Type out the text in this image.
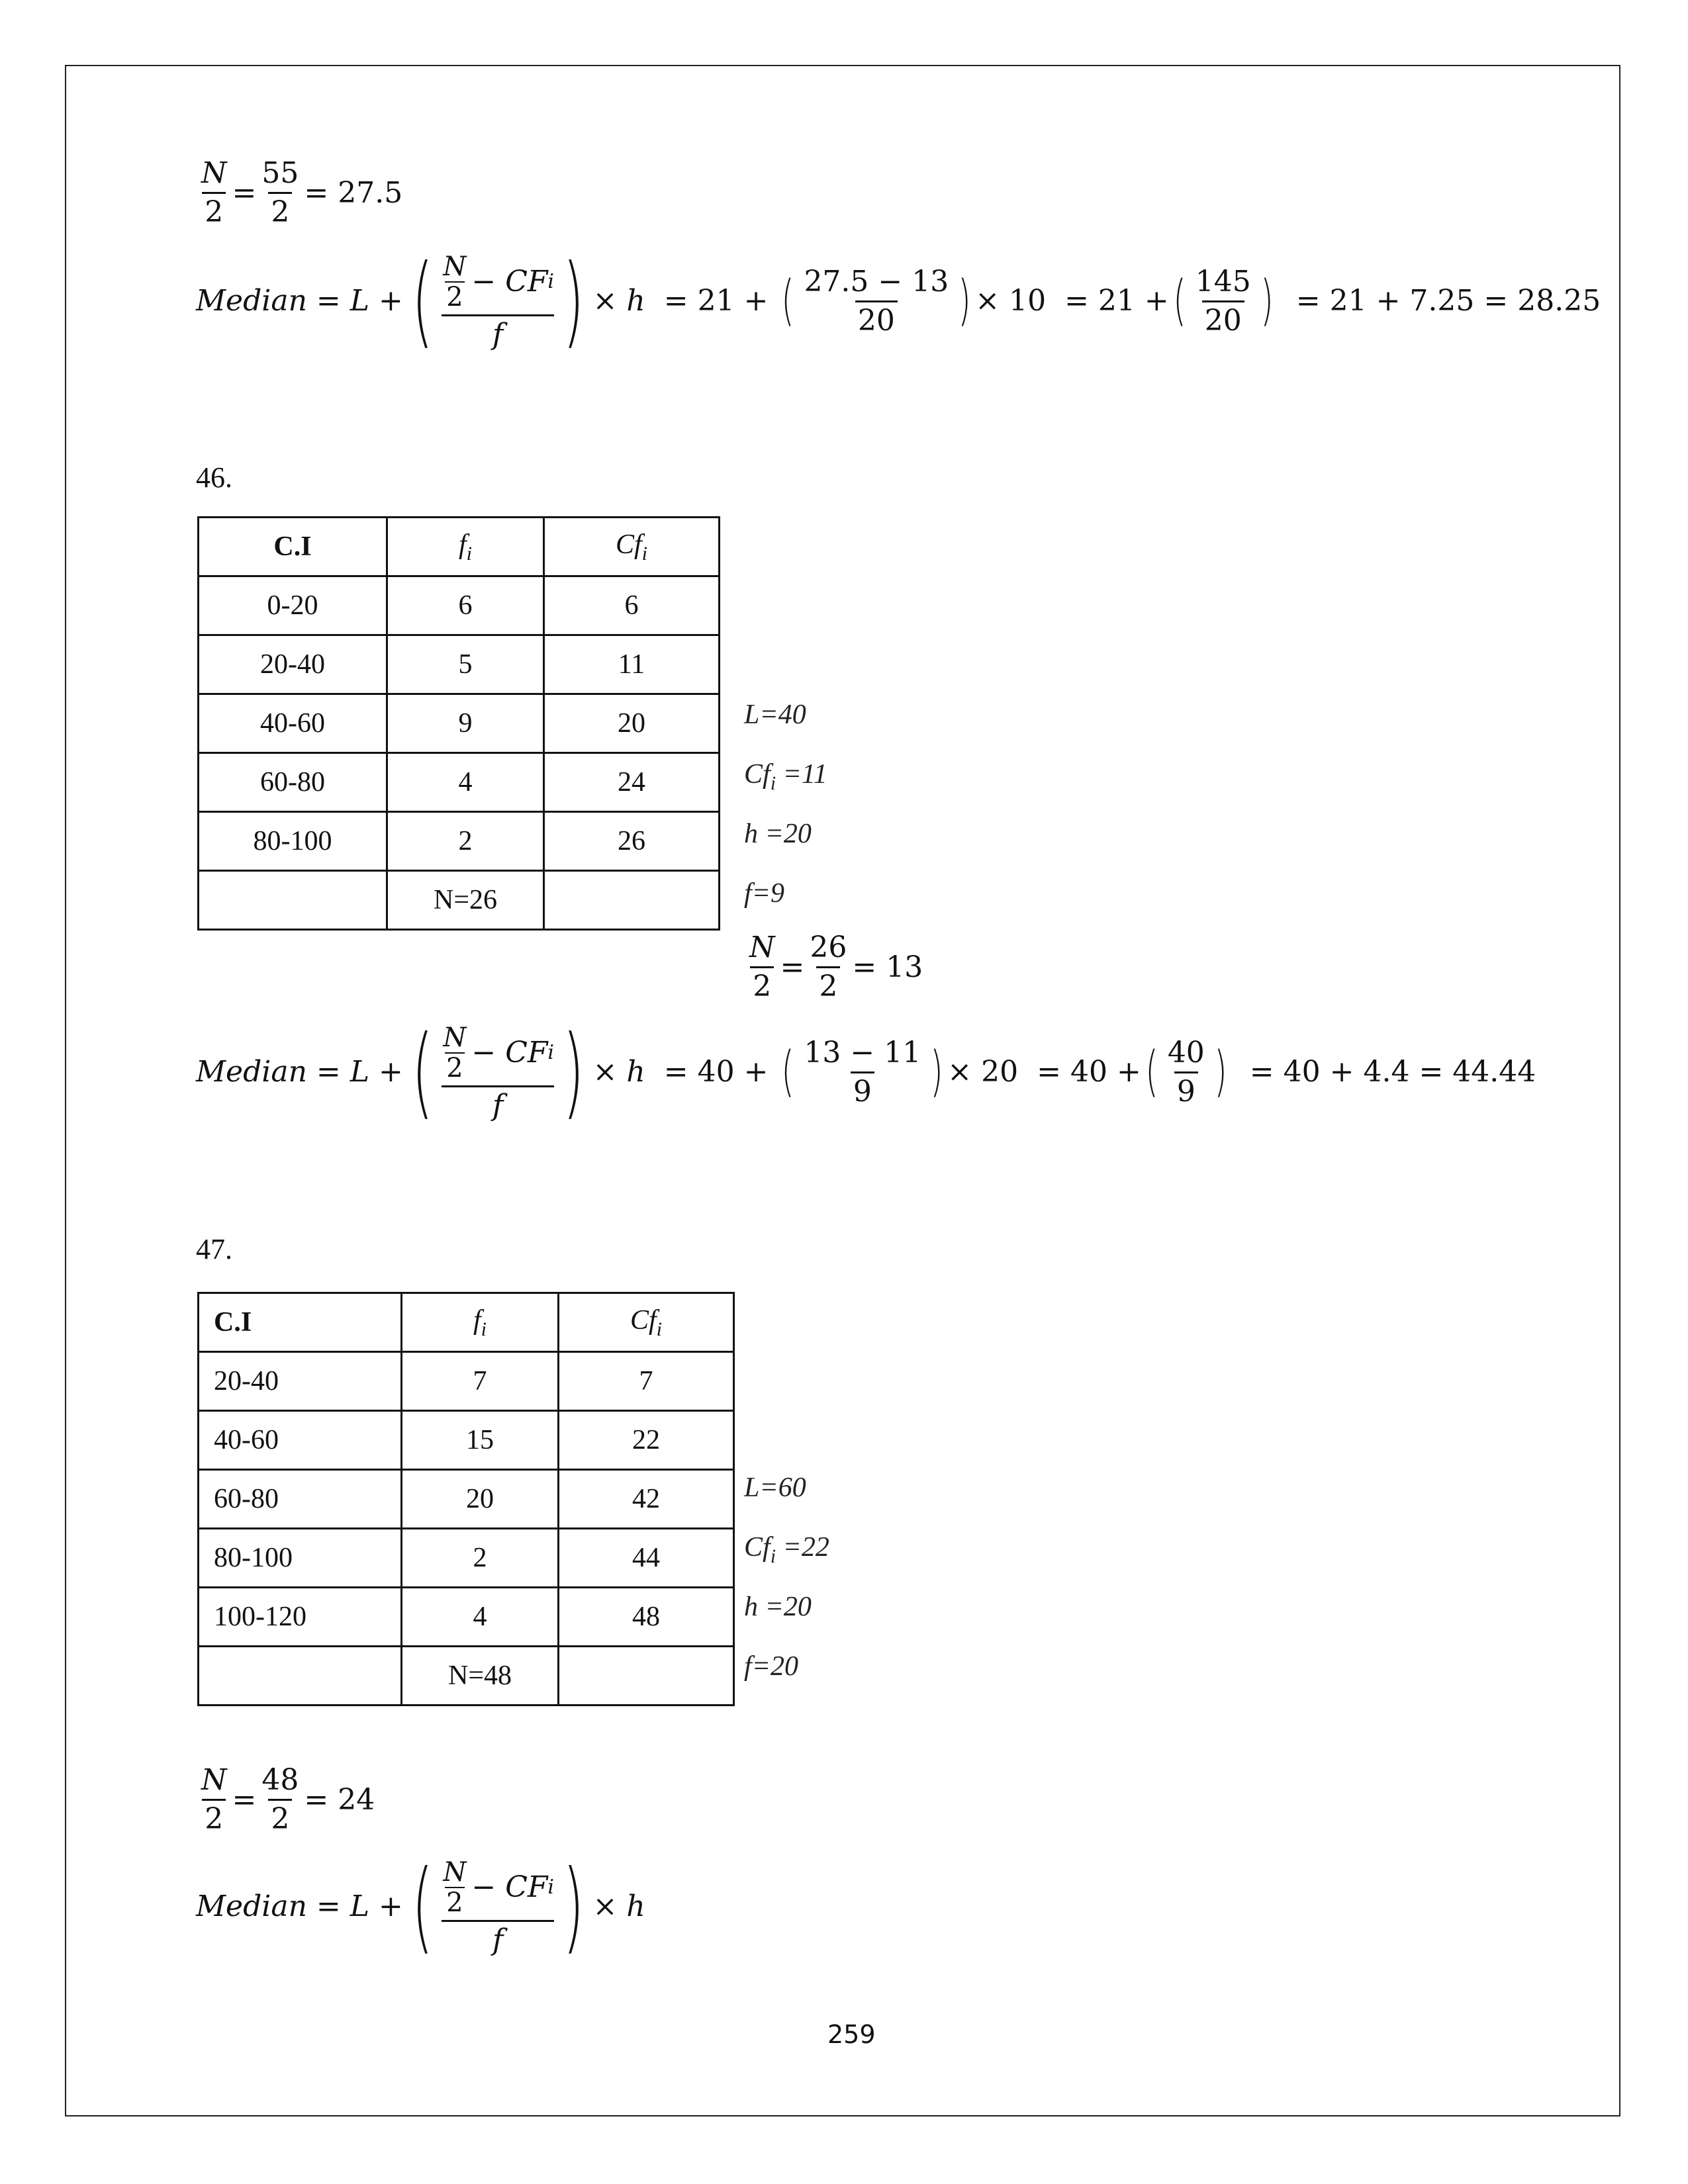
$\frac{N}{2} = \frac{55}{2} = 27.5$
Median = L + ( $\frac{\frac{N}{2} - CF i}{f}$ ) × h = 21 + ( $\frac{27.5 - 13}{20}$ ) × 10 = 21 + ( $\frac{145}{20}$ )
= 21 + 7.25 = 28.25
46.
C.I	$f_i$	$Cf_i$
0-20	6	6
20-40	5	11
40-60	9	20
60-80	4	24
80-100	2	26
	N=26	
L=40
$Cf_i =11$
h =20
f=9
$\frac{N}{2} = \frac{26}{2} = 13$
Median = L + ( $\frac{\frac{N}{2} - CF i}{f}$ ) × h = 40 + ( $\frac{13 - 11}{9}$ ) × 20 = 40 + ( $\frac{40}{9}$ )
= 40 + 4.4 = 44.44
47.
C.I	$f_i$	$Cf_i$
20-40	7	7
40-60	15	22
60-80	20	42
80-100	2	44
100-120	4	48
	N=48	
L=60
$Cf_i =22$
h =20
f=20
$\frac{N}{2} = \frac{48}{2} = 24$
Median = L + ( $\frac{\frac{N}{2} - CF i}{f}$ ) × h
259
